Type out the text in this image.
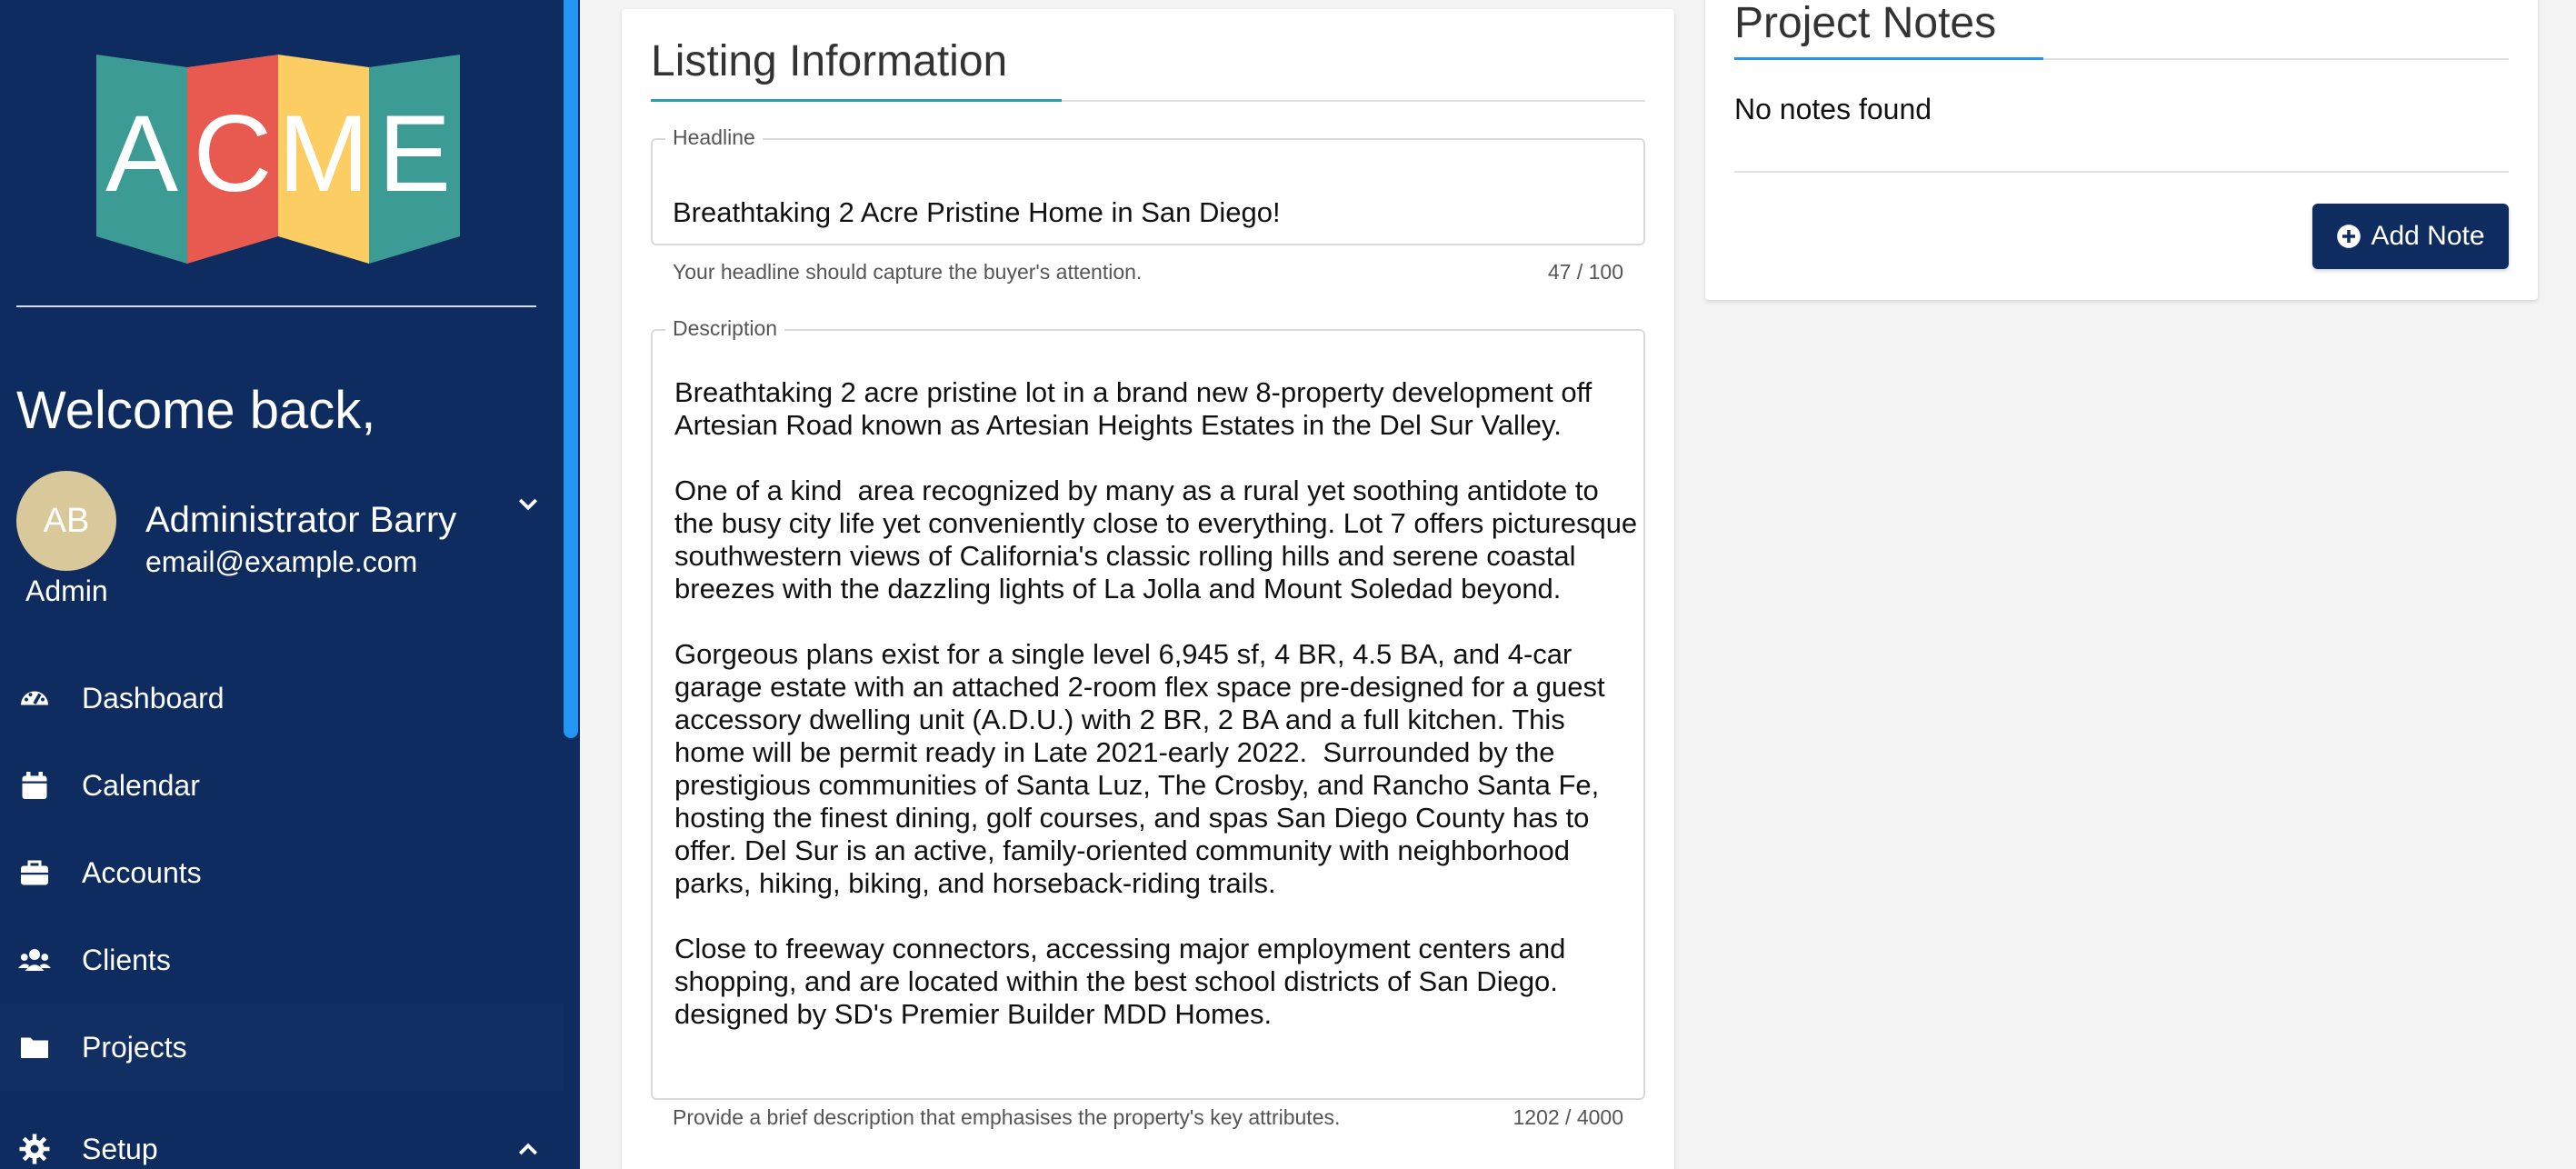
A C M E
Welcome back,
AB	Administrator Barry
email@example.com
Admin
Dashboard
Calendar
Accounts
Clients
Projects
Setup
Listing Information
Headline
Breathtaking 2 Acre Pristine Home in San Diego!
Your headline should capture the buyer's attention.	47 / 100
Description
Breathtaking 2 acre pristine lot in a brand new 8-property development off Artesian Road known as Artesian Heights Estates in the Del Sur Valley.

One of a kind  area recognized by many as a rural yet soothing antidote to the busy city life yet conveniently close to everything. Lot 7 offers picturesque southwestern views of California's classic rolling hills and serene coastal breezes with the dazzling lights of La Jolla and Mount Soledad beyond.

Gorgeous plans exist for a single level 6,945 sf, 4 BR, 4.5 BA, and 4-car garage estate with an attached 2-room flex space pre-designed for a guest accessory dwelling unit (A.D.U.) with 2 BR, 2 BA and a full kitchen. This home will be permit ready in Late 2021-early 2022.  Surrounded by the prestigious communities of Santa Luz, The Crosby, and Rancho Santa Fe, hosting the finest dining, golf courses, and spas San Diego County has to offer. Del Sur is an active, family-oriented community with neighborhood parks, hiking, biking, and horseback-riding trails.

Close to freeway connectors, accessing major employment centers and shopping, and are located within the best school districts of San Diego. designed by SD's Premier Builder MDD Homes.
Provide a brief description that emphasises the property's key attributes.	1202 / 4000
Project Notes
No notes found
Add Note
